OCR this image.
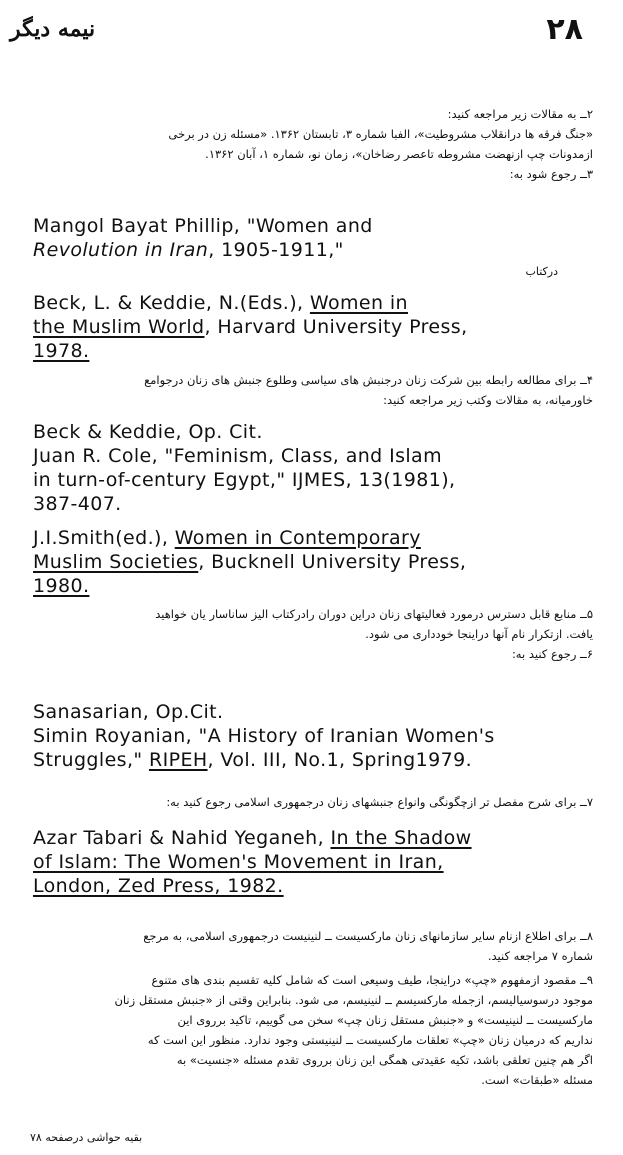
نیمه دیگر	۲۸
۲ــ به مقالات زیر مراجعه کنید:
«جنگ فرقه ها درانقلاب مشروطیت»، الفبا شماره ۳، تابستان ۱۳۶۲. «مسئله زن در برخی
ازمدونات چپ ازنهضت مشروطه تاعصر رضاخان»، زمان نو، شماره ۱، آبان ۱۳۶۲.
۳ــ رجوع شود به:
Mangol Bayat Phillip, "Women and
Revolution in Iran, 1905-1911,"
درکتاب
Beck, L. & Keddie, N.(Eds.), Women in
the Muslim World, Harvard University Press,
1978.
۴ــ برای مطالعه رابطه بین شرکت زنان درجنبش های سیاسی وطلوع جنبش های زنان درجوامع
خاورمیانه، به مقالات وکتب زیر مراجعه کنید:
Beck & Keddie, Op. Cit.
Juan R. Cole, "Feminism, Class, and Islam
in turn-of-century Egypt," IJMES, 13(1981),
387-407.
J.I.Smith(ed.), Women in Contemporary
Muslim Societies, Bucknell University Press,
1980.
۵ــ منابع قابل دسترس درمورد فعالیتهای زنان دراین دوران رادرکتاب الیز ساناسار یان خواهید
یافت. ازتکرار نام آنها دراینجا خودداری می شود.
۶ــ رجوع کنید به:
Sanasarian, Op.Cit.
Simin Royanian, "A History of Iranian Women's
Struggles," RIPEH, Vol. III, No.1, Spring1979.
۷ــ برای شرح مفصل تر ازچگونگی وانواع جنبشهای زنان درجمهوری اسلامی رجوع کنید به:
Azar Tabari & Nahid Yeganeh, In the Shadow
of Islam: The Women's Movement in Iran,
London, Zed Press, 1982.
۸ــ برای اطلاع ازنام سایر سازمانهای زنان مارکسیست ــ لنینیست درجمهوری اسلامی، به مرجع
شماره ۷ مراجعه کنید.
۹ــ مقصود ازمفهوم «چپ» دراینجا، طیف وسیعی است که شامل کلیه تقسیم بندی های متنوع
موجود درسوسیالیسم، ازجمله مارکسیسم ــ لنینیسم، می شود. بنابراین وقتی از «جنبش مستقل زنان
مارکسیست ــ لنینیست» و «جنبش مستقل زنان چپ» سخن می گوییم، تاکید برروی این
نداریم که درمیان زنان «چپ» تعلقات مارکسیست ــ لنینیستی وجود ندارد. منظور این است که
اگر هم چنین تعلقی باشد، تکیه عقیدتی همگی این زنان برروی تقدم مسئله «جنسیت» به
مسئله «طبقات» است.
بقیه حواشی درصفحه ۷۸
